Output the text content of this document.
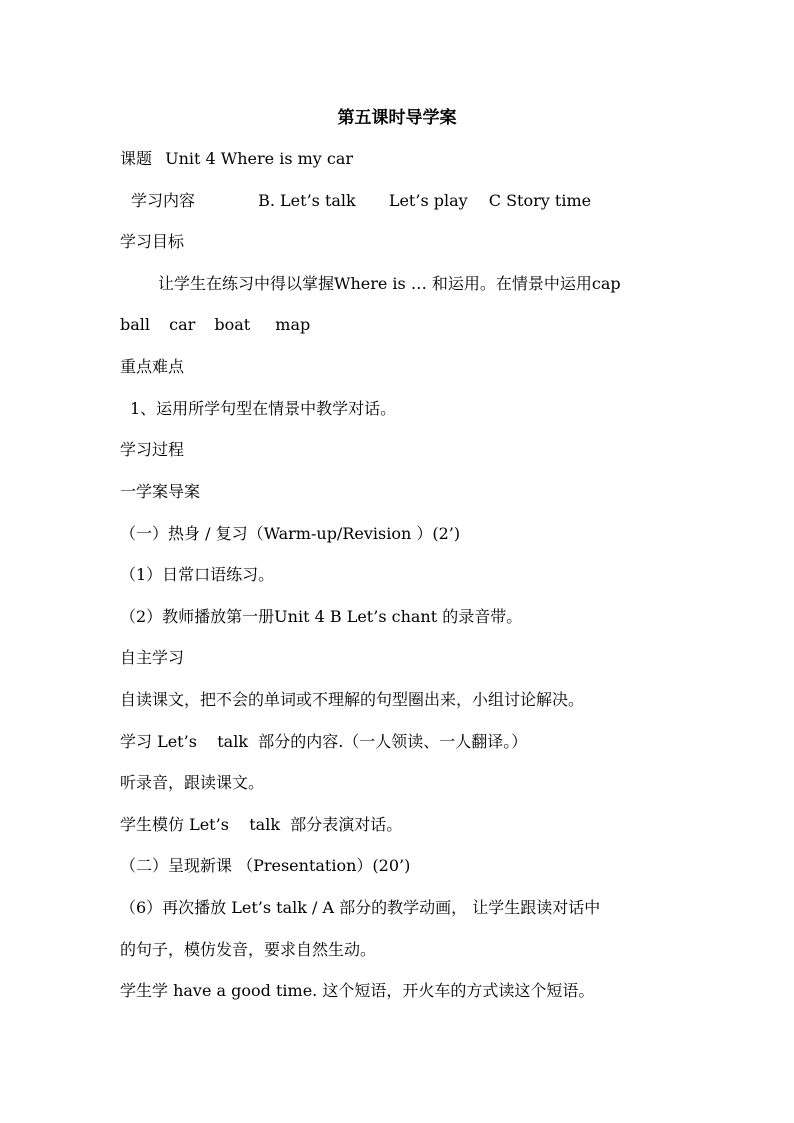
第五课时导学案
课题 Unit 4 Where is my car
学习内容	B. Let’s talk Let’s play C Story time
学习目标
让学生在练习中得以掌握Where is … 和运用。在情景中运用cap
ball car boat map
重点难点
1、运用所学句型在情景中教学对话。
学习过程
一学案导案
（一）热身 / 复习（Warm-up/Revision ）(2’)
（1）日常口语练习。
（2）教师播放第一册Unit 4 B Let’s chant 的录音带。
自主学习
自读课文，把不会的单词或不理解的句型圈出来，小组讨论解决。
学习 Let’s    talk  部分的内容.（一人领读、一人翻译。）
听录音，跟读课文。
学生模仿 Let’s    talk  部分表演对话。
（二）呈现新课 （Presentation）(20’)
（6）再次播放 Let’s talk / A 部分的教学动画， 让学生跟读对话中
的句子，模仿发音，要求自然生动。
学生学 have a good time. 这个短语，开火车的方式读这个短语。
